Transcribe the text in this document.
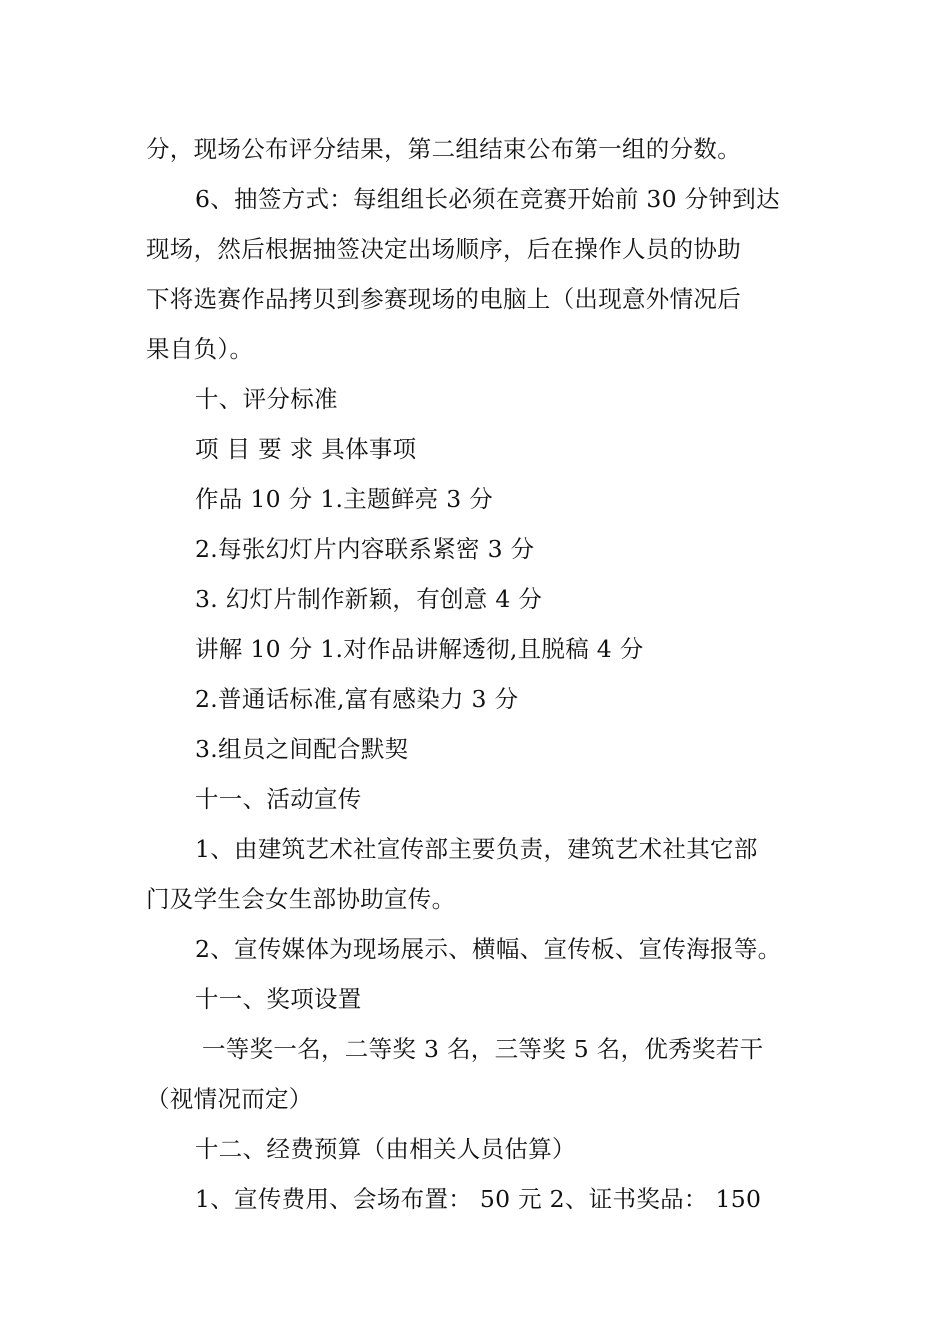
分，现场公布评分结果，第二组结束公布第一组的分数。
6、抽签方式：每组组长必须在竞赛开始前 30 分钟到达
现场，然后根据抽签决定出场顺序，后在操作人员的协助
下将选赛作品拷贝到参赛现场的电脑上（出现意外情况后
果自负）。
十、评分标准
项 目 要 求 具体事项
作品 10 分 1.主题鲜亮 3 分
2.每张幻灯片内容联系紧密 3 分
3. 幻灯片制作新颖，有创意 4 分
讲解 10 分 1.对作品讲解透彻,且脱稿 4 分
2.普通话标准,富有感染力 3 分
3.组员之间配合默契
十一、活动宣传
1、由建筑艺术社宣传部主要负责，建筑艺术社其它部
门及学生会女生部协助宣传。
2、宣传媒体为现场展示、横幅、宣传板、宣传海报等。
十一、奖项设置
一等奖一名，二等奖 3 名，三等奖 5 名，优秀奖若干
（视情况而定）
十二、经费预算（由相关人员估算）
1、宣传费用、会场布置： 50 元 2、证书奖品： 150
